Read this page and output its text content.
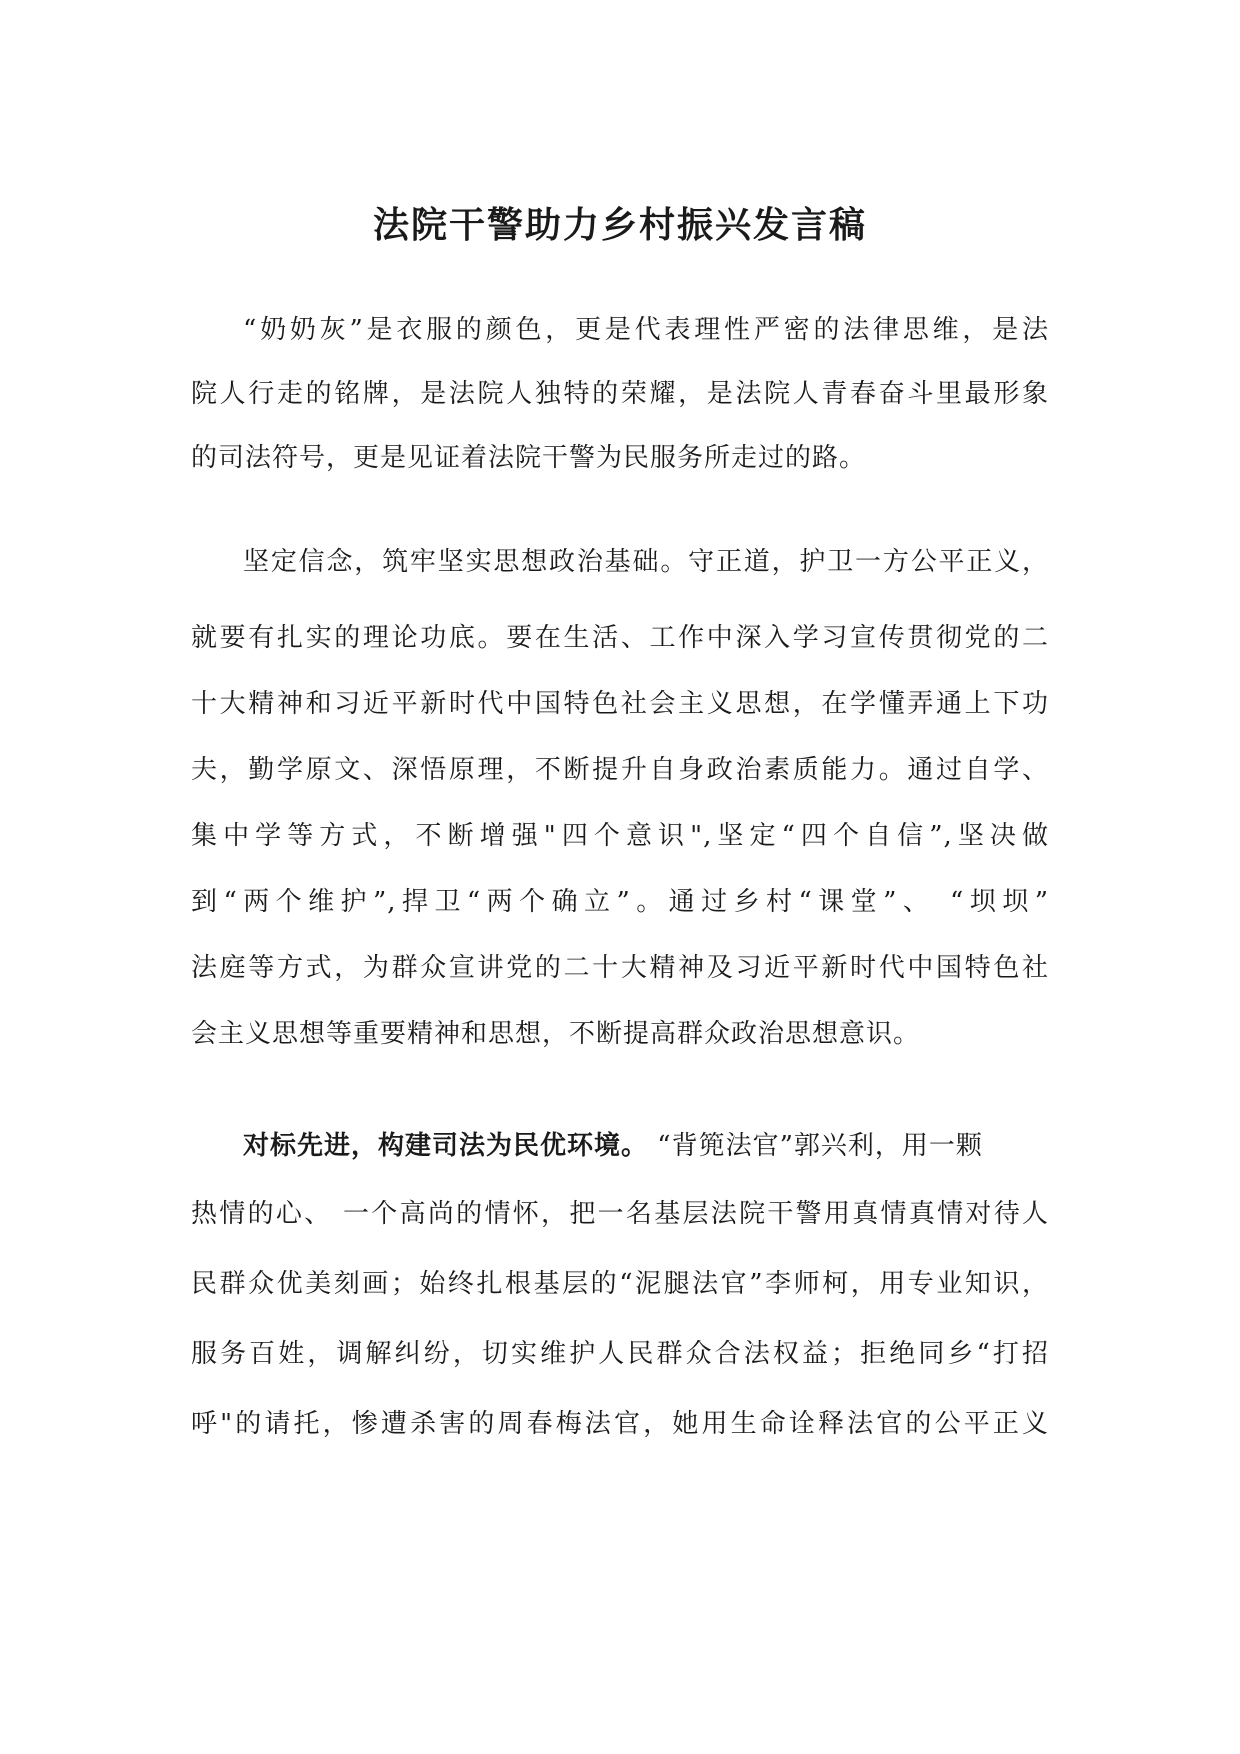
法院干警助力乡村振兴发言稿
“奶奶灰”是衣服的颜色，更是代表理性严密的法律思维，是法
院人行走的铭牌，是法院人独特的荣耀，是法院人青春奋斗里最形象
的司法符号，更是见证着法院干警为民服务所走过的路。
坚定信念，筑牢坚实思想政治基础。守正道，护卫一方公平正义，
就要有扎实的理论功底。要在生活、工作中深入学习宣传贯彻党的二
十大精神和习近平新时代中国特色社会主义思想，在学懂弄通上下功
夫，勤学原文、深悟原理，不断提升自身政治素质能力。通过自学、
集中学等方式，不断增强"四个意识",坚定“四个自信”,坚决做
到“两个维护”,捍卫“两个确立”。通过乡村“课堂”、 “坝坝”
法庭等方式，为群众宣讲党的二十大精神及习近平新时代中国特色社
会主义思想等重要精神和思想，不断提高群众政治思想意识。
对标先进，构建司法为民优环境。 “背篼法官”郭兴利，用一颗
热情的心、 一个高尚的情怀，把一名基层法院干警用真情真情对待人
民群众优美刻画；始终扎根基层的“泥腿法官”李师柯，用专业知识，
服务百姓，调解纠纷，切实维护人民群众合法权益；拒绝同乡“打招
呼"的请托，惨遭杀害的周春梅法官，她用生命诠释法官的公平正义
